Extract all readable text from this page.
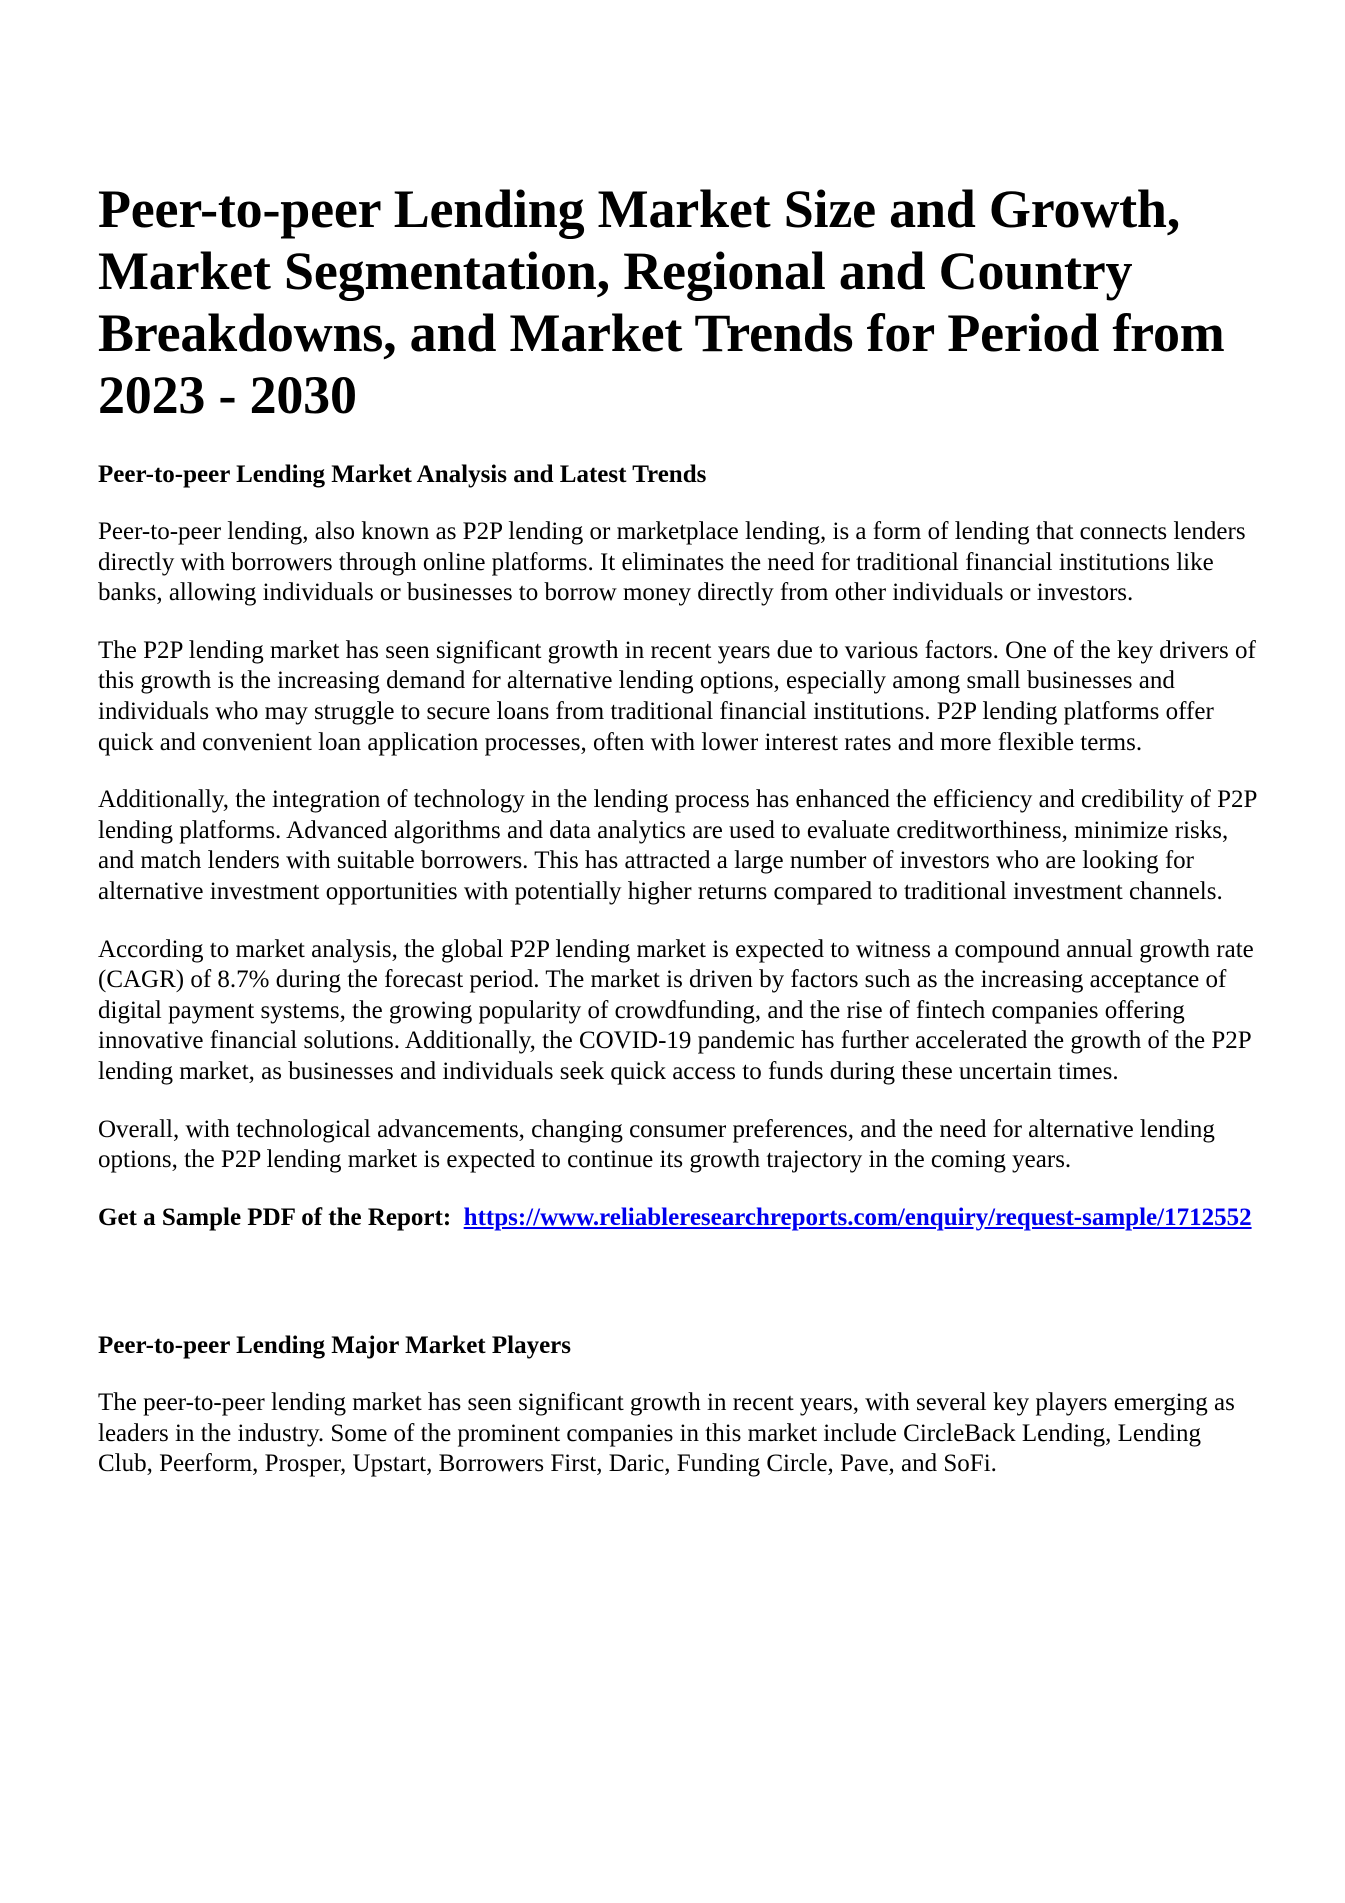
Peer-to-peer Lending Market Size and Growth, Market Segmentation, Regional and Country Breakdowns, and Market Trends for Period from 2023 - 2030
Peer-to-peer Lending Market Analysis and Latest Trends

Peer-to-peer lending, also known as P2P lending or marketplace lending, is a form of lending that connects lenders directly with borrowers through online platforms. It eliminates the need for traditional financial institutions like banks, allowing individuals or businesses to borrow money directly from other individuals or investors.

The P2P lending market has seen significant growth in recent years due to various factors. One of the key drivers of this growth is the increasing demand for alternative lending options, especially among small businesses and individuals who may struggle to secure loans from traditional financial institutions. P2P lending platforms offer quick and convenient loan application processes, often with lower interest rates and more flexible terms.

Additionally, the integration of technology in the lending process has enhanced the efficiency and credibility of P2P lending platforms. Advanced algorithms and data analytics are used to evaluate creditworthiness, minimize risks, and match lenders with suitable borrowers. This has attracted a large number of investors who are looking for alternative investment opportunities with potentially higher returns compared to traditional investment channels.

According to market analysis, the global P2P lending market is expected to witness a compound annual growth rate (CAGR) of 8.7% during the forecast period. The market is driven by factors such as the increasing acceptance of digital payment systems, the growing popularity of crowdfunding, and the rise of fintech companies offering innovative financial solutions. Additionally, the COVID-19 pandemic has further accelerated the growth of the P2P lending market, as businesses and individuals seek quick access to funds during these uncertain times.

Overall, with technological advancements, changing consumer preferences, and the need for alternative lending options, the P2P lending market is expected to continue its growth trajectory in the coming years.

Get a Sample PDF of the Report: https://www.reliableresearchreports.com/enquiry/request-sample/1712552

Peer-to-peer Lending Major Market Players

The peer-to-peer lending market has seen significant growth in recent years, with several key players emerging as leaders in the industry. Some of the prominent companies in this market include CircleBack Lending, Lending Club, Peerform, Prosper, Upstart, Borrowers First, Daric, Funding Circle, Pave, and SoFi.
